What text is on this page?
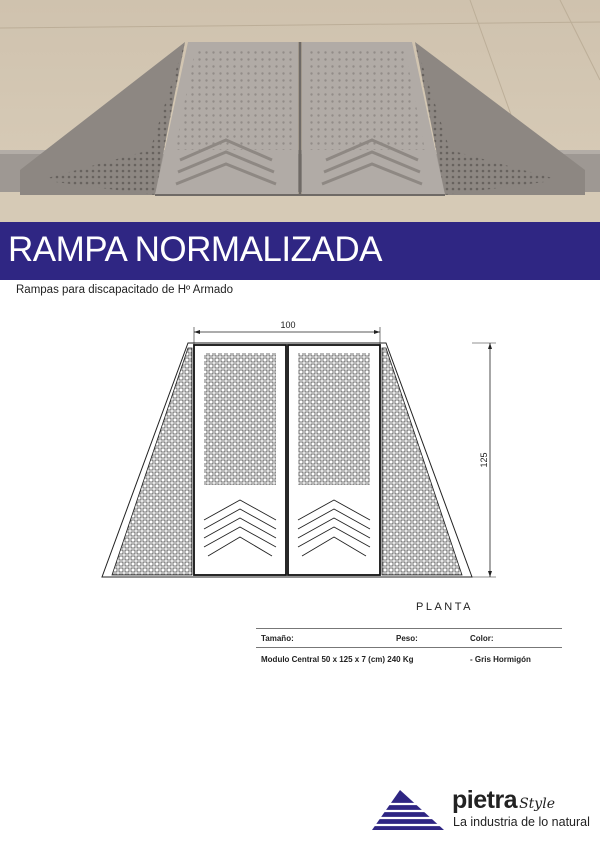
RAMPA NORMALIZADA
Rampas para discapacitado de Hº Armado
100
125
PLANTA
Tamaño:	Peso:	Color:
Modulo Central 50 x 125 x 7 (cm) 240 Kg	- Gris Hormigón
pietra Style
La industria de lo natural
